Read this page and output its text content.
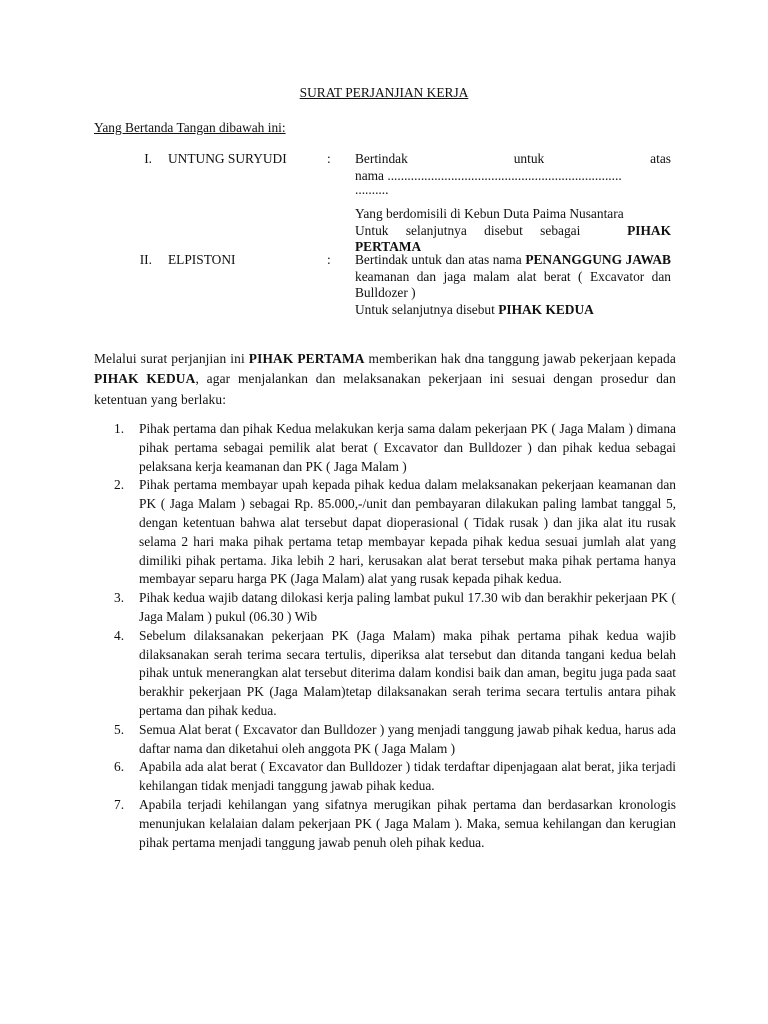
SURAT PERJANJIAN KERJA
Yang Bertanda Tangan dibawah ini:
I. UNTUNG SURYUDI	: Bertindak	untuk	atas
nama ......................................................................
..........
Yang berdomisili di Kebun Duta Paima Nusantara
Untuk selanjutnya disebut sebagai	PIHAK
PERTAMA
II. ELPISTONI	: Bertindak untuk dan atas nama PENANGGUNG JAWAB keamanan dan jaga malam alat berat ( Excavator dan Bulldozer )
Untuk selanjutnya disebut PIHAK KEDUA
Melalui surat perjanjian ini PIHAK PERTAMA memberikan hak dna tanggung jawab pekerjaan kepada PIHAK KEDUA, agar menjalankan dan melaksanakan pekerjaan ini sesuai dengan prosedur dan ketentuan yang berlaku:
1. Pihak pertama dan pihak Kedua melakukan kerja sama dalam pekerjaan PK ( Jaga Malam ) dimana pihak pertama sebagai pemilik alat berat ( Excavator dan Bulldozer ) dan pihak kedua sebagai pelaksana kerja keamanan dan PK ( Jaga Malam )
2. Pihak pertama membayar upah kepada pihak kedua dalam melaksanakan pekerjaan keamanan dan PK ( Jaga Malam ) sebagai Rp. 85.000,-/unit dan pembayaran dilakukan paling lambat tanggal 5, dengan ketentuan bahwa alat tersebut dapat dioperasional ( Tidak rusak ) dan jika alat itu rusak selama 2 hari maka pihak pertama tetap membayar kepada pihak kedua sesuai jumlah alat yang dimiliki pihak pertama. Jika lebih 2 hari, kerusakan alat berat tersebut maka pihak pertama hanya membayar separu harga PK (Jaga Malam) alat yang rusak kepada pihak kedua.
3. Pihak kedua wajib datang dilokasi kerja paling lambat pukul 17.30 wib dan berakhir pekerjaan PK ( Jaga Malam ) pukul (06.30 ) Wib
4. Sebelum dilaksanakan pekerjaan PK (Jaga Malam) maka pihak pertama pihak kedua wajib dilaksanakan serah terima secara tertulis, diperiksa alat tersebut dan ditanda tangani kedua belah pihak untuk menerangkan alat tersebut diterima dalam kondisi baik dan aman, begitu juga pada saat berakhir pekerjaan PK (Jaga Malam)tetap dilaksanakan serah terima secara tertulis antara pihak pertama dan pihak kedua.
5. Semua Alat berat ( Excavator dan Bulldozer ) yang menjadi tanggung jawab pihak kedua, harus ada daftar nama dan diketahui oleh anggota PK ( Jaga Malam )
6. Apabila ada alat berat ( Excavator dan Bulldozer ) tidak terdaftar dipenjagaan alat berat, jika terjadi kehilangan tidak menjadi tanggung jawab pihak kedua.
7. Apabila terjadi kehilangan yang sifatnya merugikan pihak pertama dan berdasarkan kronologis menunjukan kelalaian dalam pekerjaan PK ( Jaga Malam ). Maka, semua kehilangan dan kerugian pihak pertama menjadi tanggung jawab penuh oleh pihak kedua.
